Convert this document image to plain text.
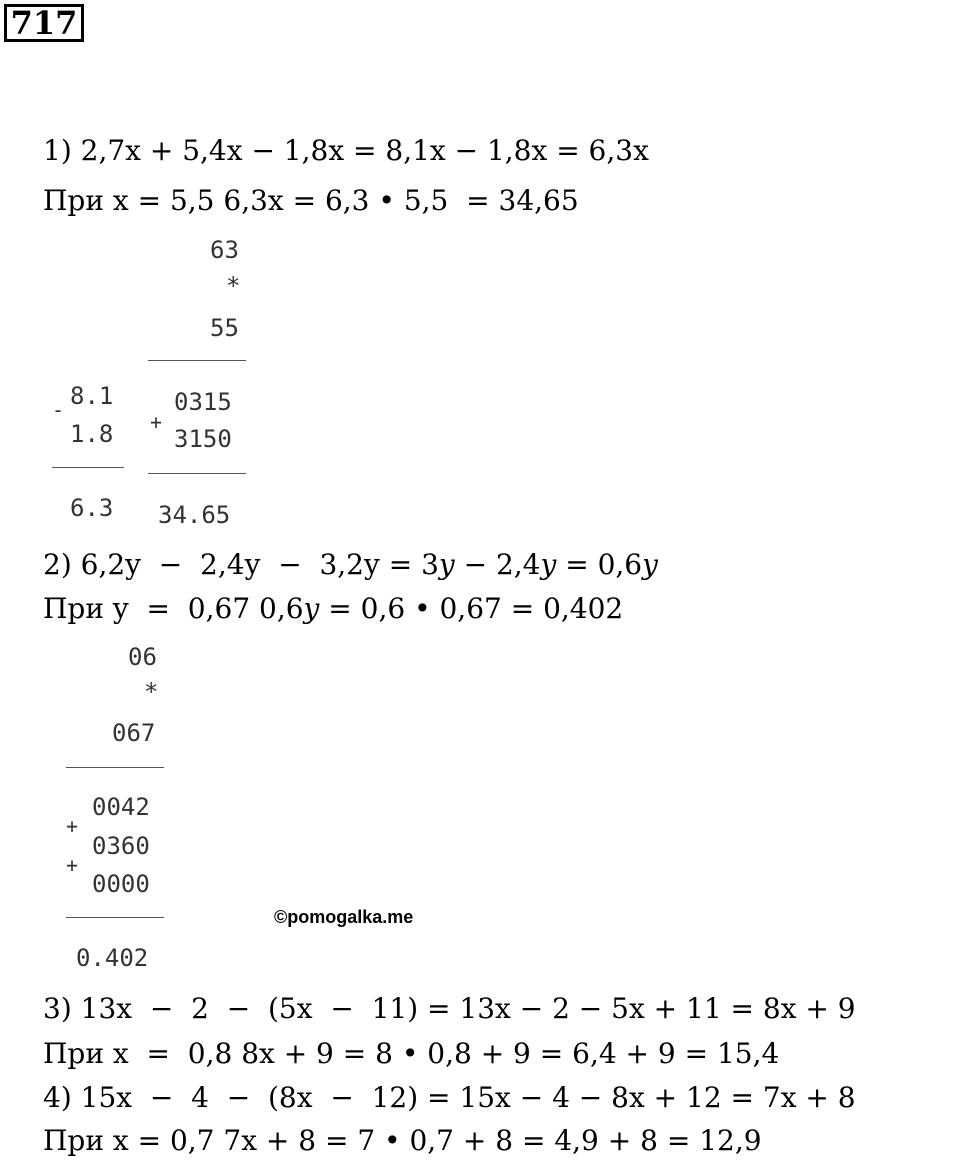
717
1) 2,7x + 5,4x − 1,8x = 8,1x − 1,8x = 6,3x
При x = 5,5 6,3x = 6,3 • 5,5  = 34,65
63
*
55
+
0315
3150
34.65
- 8.1
1.8
6.3
2) 6,2y  −  2,4y  −  3,2y = 3𝑦 − 2,4𝑦 = 0,6𝑦
При y  =  0,67 0,6𝑦 = 0,6 • 0,67 = 0,402
06
*
067
0042
+
0360
+
0000
0.402
©pomogalka.me
3) 13x  −  2  −  (5x  −  11) = 13x − 2 − 5x + 11 = 8x + 9
При x  =  0,8 8x + 9 = 8 • 0,8 + 9 = 6,4 + 9 = 15,4
4) 15x  −  4  −  (8x  −  12) = 15x − 4 − 8x + 12 = 7x + 8
При x = 0,7 7x + 8 = 7 • 0,7 + 8 = 4,9 + 8 = 12,9
